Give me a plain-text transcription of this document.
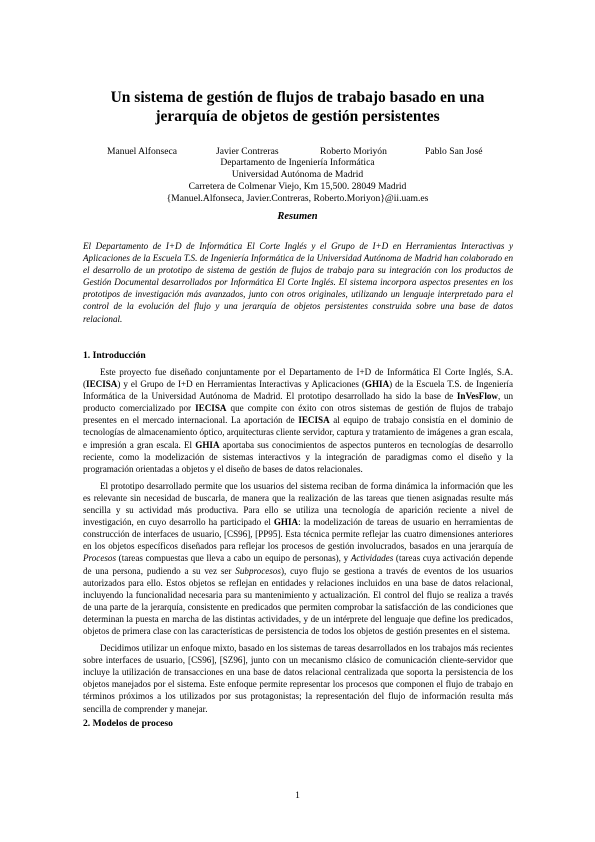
Un sistema de gestión de flujos de trabajo basado en una
jerarquía de objetos de gestión persistentes
Manuel Alfonseca	Javier Contreras	Roberto Moriyón	Pablo San José
Departamento de Ingeniería Informática
Universidad Autónoma de Madrid
Carretera de Colmenar Viejo, Km 15,500. 28049 Madrid
{Manuel.Alfonseca, Javier.Contreras, Roberto.Moriyon}@ii.uam.es
Resumen
El Departamento de I+D de Informática El Corte Inglés y el Grupo de I+D en Herramientas Interactivas y Aplicaciones de la Escuela T.S. de Ingeniería Informática de la Universidad Autónoma de Madrid han colaborado en el desarrollo de un prototipo de sistema de gestión de flujos de trabajo para su integración con los productos de Gestión Documental desarrollados por Informática El Corte Inglés. El sistema incorpora aspectos presentes en los prototipos de investigación más avanzados, junto con otros originales, utilizando un lenguaje interpretado para el control de la evolución del flujo y una jerarquía de objetos persistentes construida sobre una base de datos relacional.
1. Introducción

Este proyecto fue diseñado conjuntamente por el Departamento de I+D de Informática El Corte Inglés, S.A. (IECISA) y el Grupo de I+D en Herramientas Interactivas y Aplicaciones (GHIA) de la Escuela T.S. de Ingeniería Informática de la Universidad Autónoma de Madrid. El prototipo desarrollado ha sido la base de InVesFlow, un producto comercializado por IECISA que compite con éxito con otros sistemas de gestión de flujos de trabajo presentes en el mercado internacional. La aportación de IECISA al equipo de trabajo consistía en el dominio de tecnologías de almacenamiento óptico, arquitecturas cliente servidor, captura y tratamiento de imágenes a gran escala, e impresión a gran escala. El GHIA aportaba sus conocimientos de aspectos punteros en tecnologías de desarrollo reciente, como la modelización de sistemas interactivos y la integración de paradigmas como el diseño y la programación orientadas a objetos y el diseño de bases de datos relacionales.

El prototipo desarrollado permite que los usuarios del sistema reciban de forma dinámica la información que les es relevante sin necesidad de buscarla, de manera que la realización de las tareas que tienen asignadas resulte más sencilla y su actividad más productiva. Para ello se utiliza una tecnología de aparición reciente a nivel de investigación, en cuyo desarrollo ha participado el GHIA: la modelización de tareas de usuario en herramientas de construcción de interfaces de usuario, [CS96], [PP95]. Esta técnica permite reflejar las cuatro dimensiones anteriores en los objetos específicos diseñados para reflejar los procesos de gestión involucrados, basados en una jerarquía de Procesos (tareas compuestas que lleva a cabo un equipo de personas), y Actividades (tareas cuya activación depende de una persona, pudiendo a su vez ser Subprocesos), cuyo flujo se gestiona a través de eventos de los usuarios autorizados para ello. Estos objetos se reflejan en entidades y relaciones incluidos en una base de datos relacional, incluyendo la funcionalidad necesaria para su mantenimiento y actualización. El control del flujo se realiza a través de una parte de la jerarquía, consistente en predicados que permiten comprobar la satisfacción de las condiciones que determinan la puesta en marcha de las distintas actividades, y de un intérprete del lenguaje que define los predicados, objetos de primera clase con las características de persistencia de todos los objetos de gestión presentes en el sistema.

Decidimos utilizar un enfoque mixto, basado en los sistemas de tareas desarrollados en los trabajos más recientes sobre interfaces de usuario, [CS96], [SZ96], junto con un mecanismo clásico de comunicación cliente-servidor que incluye la utilización de transacciones en una base de datos relacional centralizada que soporta la persistencia de los objetos manejados por el sistema. Este enfoque permite representar los procesos que componen el flujo de trabajo en términos próximos a los utilizados por sus protagonistas; la representación del flujo de información resulta más sencilla de comprender y manejar.

2. Modelos de proceso
1
